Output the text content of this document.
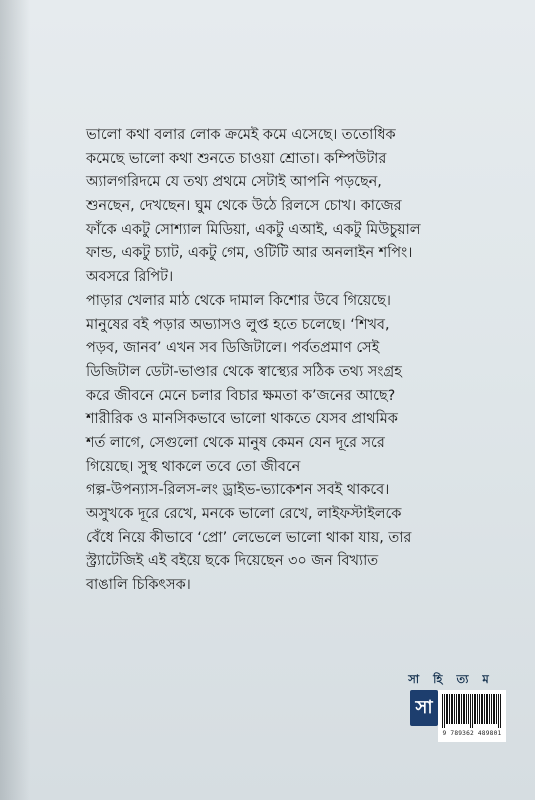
ভালো কথা বলার লোক ক্রমেই কমে এসেছে। ততোধিক
কমেছে ভালো কথা শুনতে চাওয়া শ্রোতা। কম্পিউটার
অ্যালগরিদমে যে তথ্য প্রথমে সেটাই আপনি পড়ছেন,
শুনছেন, দেখছেন। ঘুম থেকে উঠে রিলসে চোখ। কাজের
ফাঁকে একটু সোশ্যাল মিডিয়া, একটু এআই, একটু মিউচুয়াল
ফান্ড, একটু চ্যাট, একটু গেম, ওটিটি আর অনলাইন শপিং।
অবসরে রিপিট।
পাড়ার খেলার মাঠ থেকে দামাল কিশোর উবে গিয়েছে।
মানুষের বই পড়ার অভ্যাসও লুপ্ত হতে চলেছে। ‘শিখব,
পড়ব, জানব’ এখন সব ডিজিটালে। পর্বতপ্রমাণ সেই
ডিজিটাল ডেটা-ভাণ্ডার থেকে স্বাস্থ্যের সঠিক তথ্য সংগ্রহ
করে জীবনে মেনে চলার বিচার ক্ষমতা ক’জনের আছে?
শারীরিক ও মানসিকভাবে ভালো থাকতে যেসব প্রাথমিক
শর্ত লাগে, সেগুলো থেকে মানুষ কেমন যেন দূরে সরে
গিয়েছে। সুস্থ থাকলে তবে তো জীবনে
গল্প-উপন্যাস-রিলস-লং ড্রাইভ-ভ্যাকেশন সবই থাকবে।
অসুখকে দূরে রেখে, মনকে ভালো রেখে, লাইফস্টাইলকে
বেঁধে নিয়ে কীভাবে ‘প্রো’ লেভেলে ভালো থাকা যায়, তার
স্ট্র্যাটেজিই এই বইয়ে ছকে দিয়েছেন ৩০ জন বিখ্যাত
বাঙালি চিকিৎসক।
সা হি ত্য ম
সা
9 789362 489801
